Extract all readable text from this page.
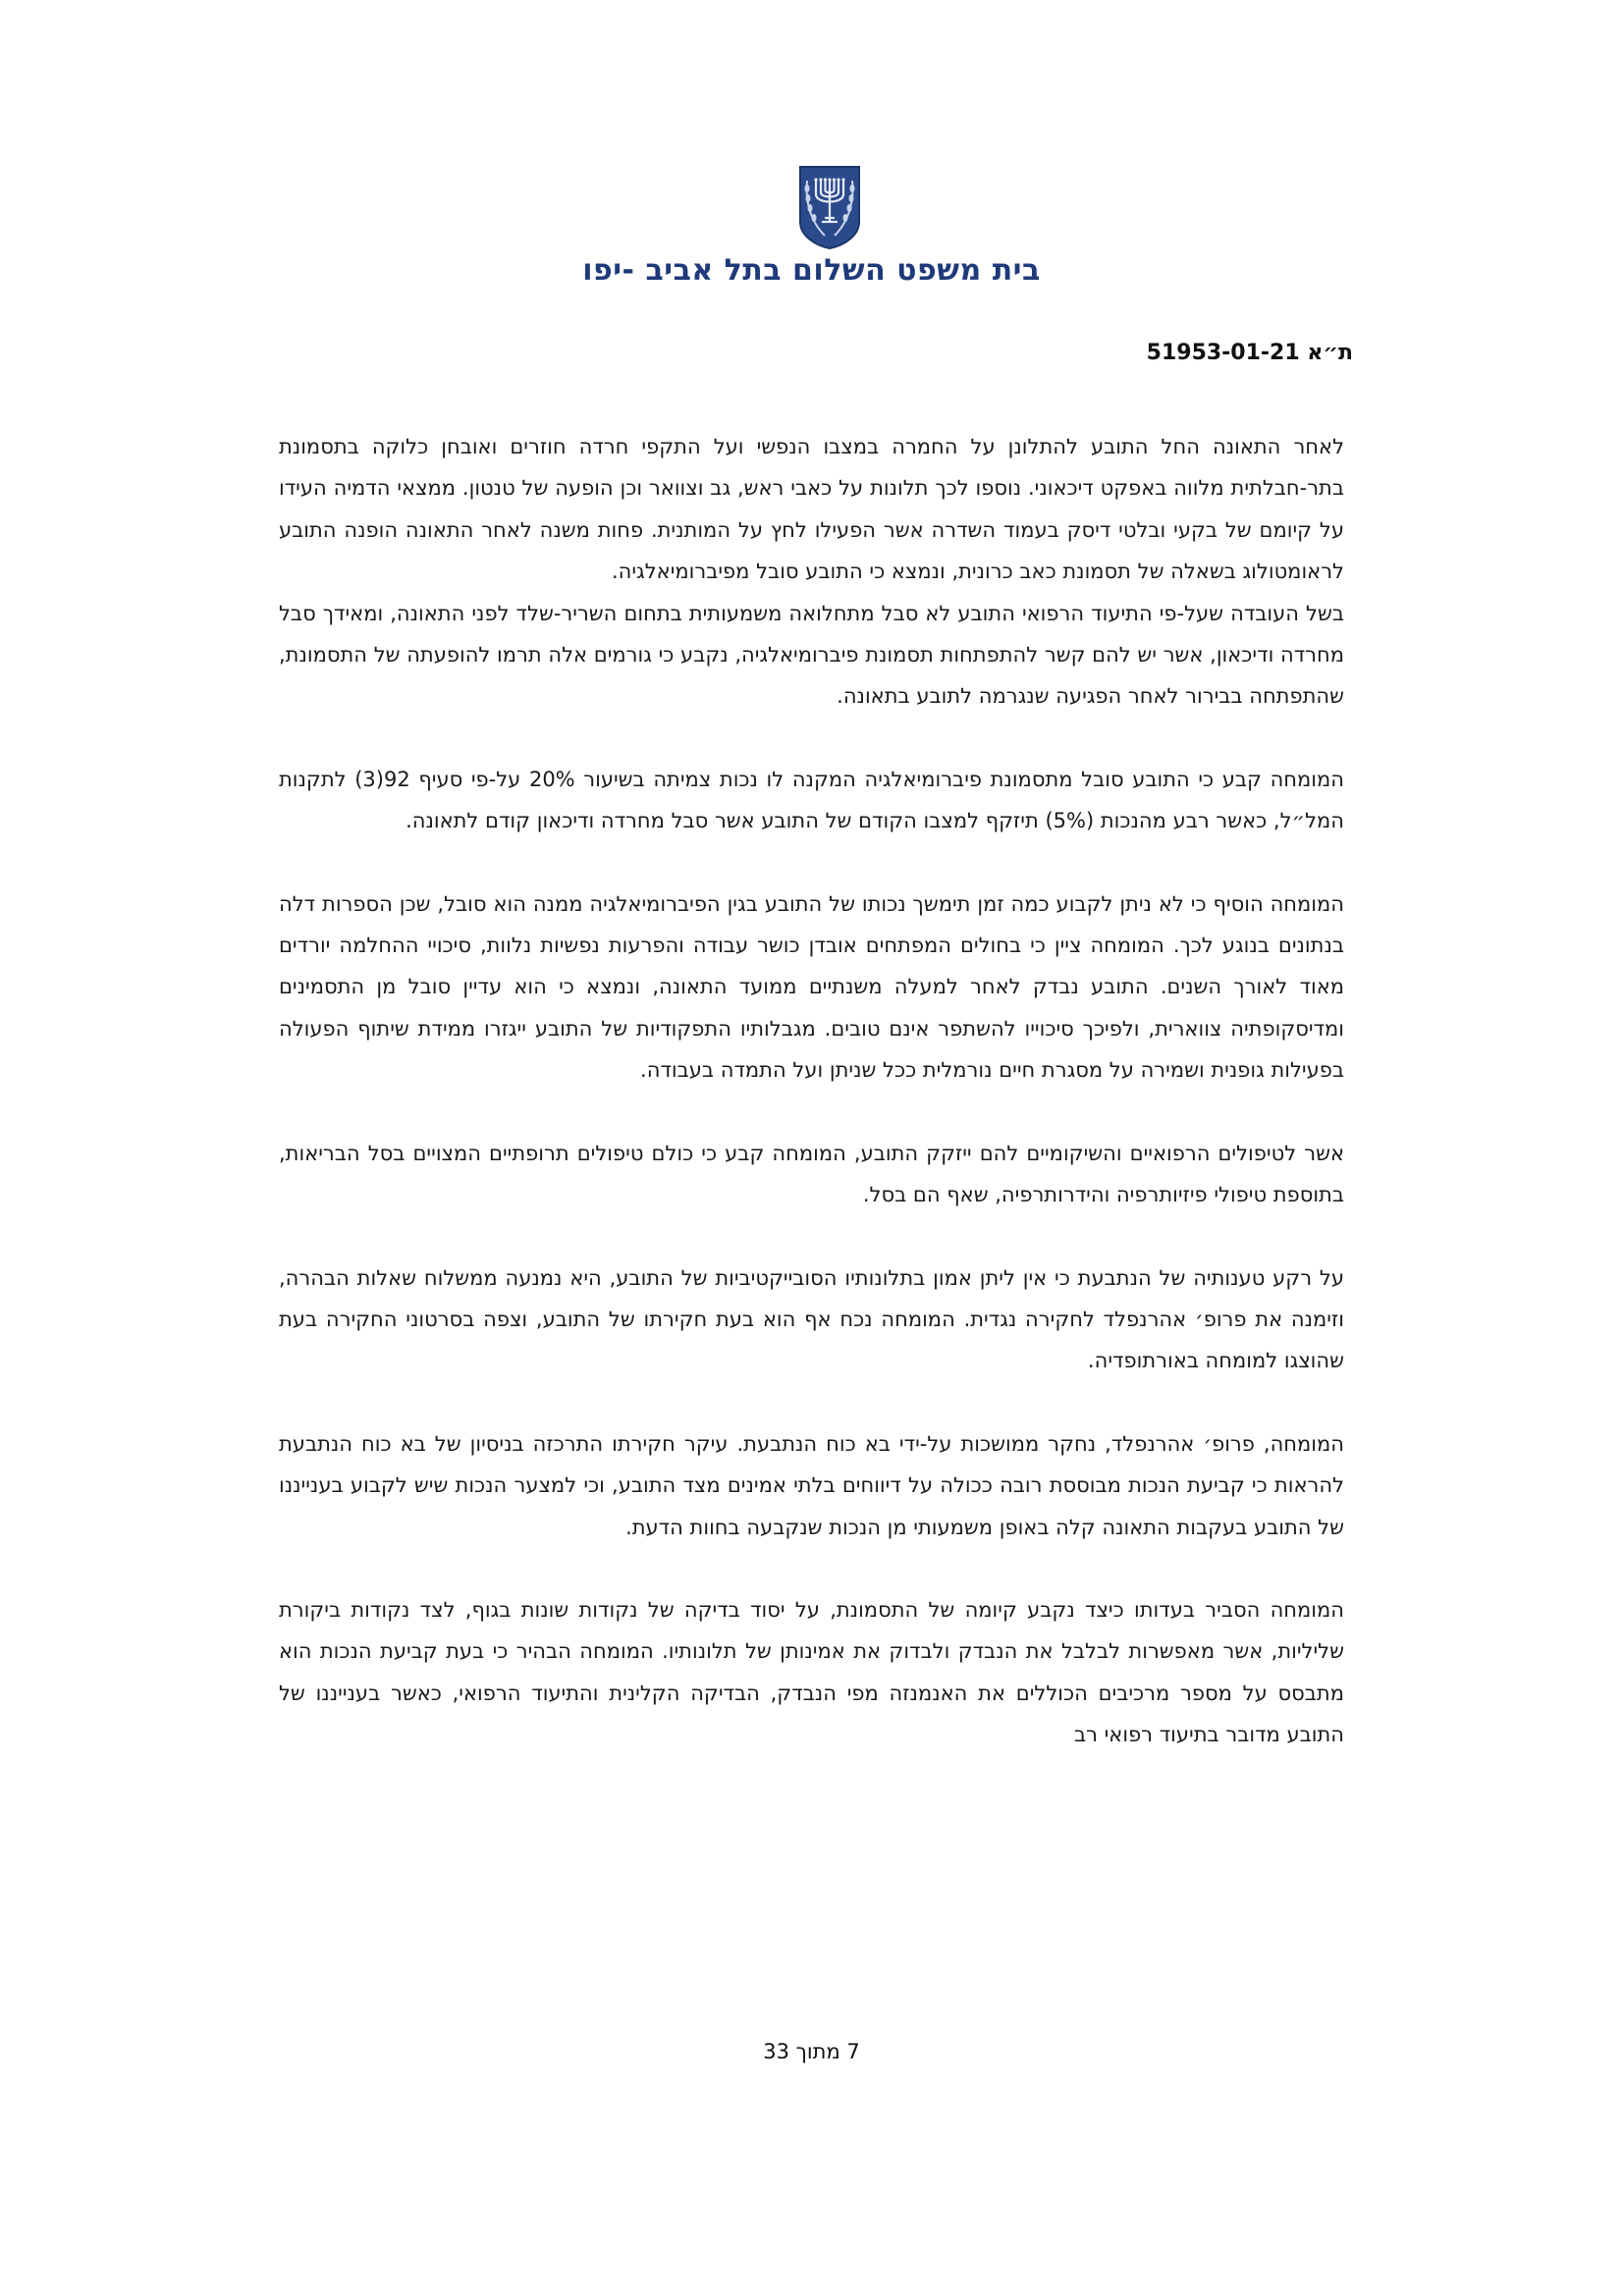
בית משפט השלום בתל אביב -יפו
ת״א 51953-01-21

לאחר התאונה החל התובע להתלונן על החמרה במצבו הנפשי ועל התקפי חרדה חוזרים ואובחן כלוקה בתסמונת בתר-חבלתית מלווה באפקט דיכאוני. נוספו לכך תלונות על כאבי ראש, גב וצוואר וכן הופעה של טנטון. ממצאי הדמיה העידו על קיומם של בקעי ובלטי דיסק בעמוד השדרה אשר הפעילו לחץ על המותנית. פחות משנה לאחר התאונה הופנה התובע לראומטולוג בשאלה של תסמונת כאב כרונית, ונמצא כי התובע סובל מפיברומיאלגיה.

בשל העובדה שעל-פי התיעוד הרפואי התובע לא סבל מתחלואה משמעותית בתחום השריר-שלד לפני התאונה, ומאידך סבל מחרדה ודיכאון, אשר יש להם קשר להתפתחות תסמונת פיברומיאלגיה, נקבע כי גורמים אלה תרמו להופעתה של התסמונת, שהתפתחה בבירור לאחר הפגיעה שנגרמה לתובע בתאונה.

המומחה קבע כי התובע סובל מתסמונת פיברומיאלגיה המקנה לו נכות צמיתה בשיעור 20% על-פי סעיף 92(3) לתקנות המל״ל, כאשר רבע מהנכות (5%) תיזקף למצבו הקודם של התובע אשר סבל מחרדה ודיכאון קודם לתאונה.

המומחה הוסיף כי לא ניתן לקבוע כמה זמן תימשך נכותו של התובע בגין הפיברומיאלגיה ממנה הוא סובל, שכן הספרות דלה בנתונים בנוגע לכך. המומחה ציין כי בחולים המפתחים אובדן כושר עבודה והפרעות נפשיות נלוות, סיכויי ההחלמה יורדים מאוד לאורך השנים. התובע נבדק לאחר למעלה משנתיים ממועד התאונה, ונמצא כי הוא עדיין סובל מן התסמינים ומדיסקופתיה צווארית, ולפיכך סיכוייו להשתפר אינם טובים. מגבלותיו התפקודיות של התובע ייגזרו ממידת שיתוף הפעולה בפעילות גופנית ושמירה על מסגרת חיים נורמלית ככל שניתן ועל התמדה בעבודה.

אשר לטיפולים הרפואיים והשיקומיים להם ייזקק התובע, המומחה קבע כי כולם טיפולים תרופתיים המצויים בסל הבריאות, בתוספת טיפולי פיזיותרפיה והידרותרפיה, שאף הם בסל.

על רקע טענותיה של הנתבעת כי אין ליתן אמון בתלונותיו הסובייקטיביות של התובע, היא נמנעה ממשלוח שאלות הבהרה, וזימנה את פרופ׳ אהרנפלד לחקירה נגדית. המומחה נכח אף הוא בעת חקירתו של התובע, וצפה בסרטוני החקירה בעת שהוצגו למומחה באורתופדיה.

המומחה, פרופ׳ אהרנפלד, נחקר ממושכות על-ידי בא כוח הנתבעת. עיקר חקירתו התרכזה בניסיון של בא כוח הנתבעת להראות כי קביעת הנכות מבוססת רובה ככולה על דיווחים בלתי אמינים מצד התובע, וכי למצער הנכות שיש לקבוע בענייננו של התובע בעקבות התאונה קלה באופן משמעותי מן הנכות שנקבעה בחוות הדעת.

המומחה הסביר בעדותו כיצד נקבע קיומה של התסמונת, על יסוד בדיקה של נקודות שונות בגוף, לצד נקודות ביקורת שליליות, אשר מאפשרות לבלבל את הנבדק ולבדוק את אמינותן של תלונותיו. המומחה הבהיר כי בעת קביעת הנכות הוא מתבסס על מספר מרכיבים הכוללים את האנמנזה מפי הנבדק, הבדיקה הקלינית והתיעוד הרפואי, כאשר בענייננו של התובע מדובר בתיעוד רפואי רב

7 מתוך 33
